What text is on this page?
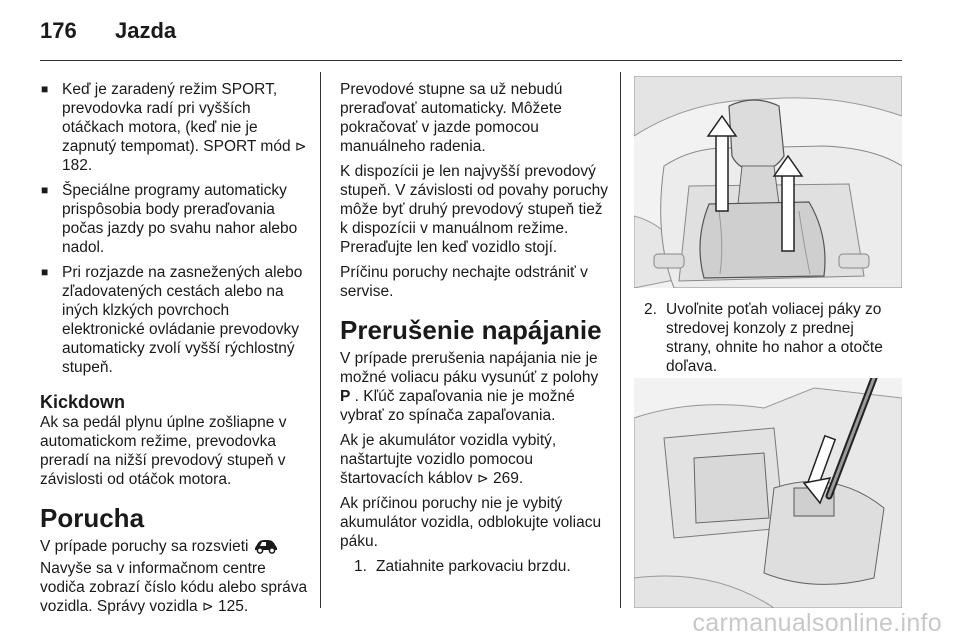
176 Jazda
■ Keď je zaradený režim SPORT, prevodovka radí pri vyšších otáčkach motora, (keď nie je zapnutý tempomat). SPORT mód ⊳ 182.
■ Špeciálne programy automaticky prispôsobia body preraďovania počas jazdy po svahu nahor alebo nadol.
■ Pri rozjazde na zasnežených alebo zľadovatených cestách alebo na iných klzkých povrchoch elektronické ovládanie prevodovky automaticky zvolí vyšší rýchlostný stupeň.
Kickdown

Ak sa pedál plynu úplne zošliapne v automatickom režime, prevodovka preradí na nižší prevodový stupeň v závislosti od otáčok motora.

Porucha

V prípade poruchy sa rozsvieti  Navyše sa v informačnom centre vodiča zobrazí číslo kódu alebo správa vozidla. Správy vozidla ⊳ 125.

Prevodové stupne sa už nebudú preraďovať automaticky. Môžete pokračovať v jazde pomocou manuálneho radenia.

K dispozícii je len najvyšší prevodový stupeň. V závislosti od povahy poruchy môže byť druhý prevodový stupeň tiež k dispozícii v manuálnom režime. Preraďujte len keď vozidlo stojí.

Príčinu poruchy nechajte odstrániť v servise.

Prerušenie napájanie

V prípade prerušenia napájania nie je možné voliacu páku vysunúť z polohy P . Kľúč zapaľovania nie je možné vybrať zo spínača zapaľovania.

Ak je akumulátor vozidla vybitý, naštartujte vozidlo pomocou štartovacích káblov ⊳ 269.

Ak príčinou poruchy nie je vybitý akumulátor vozidla, odblokujte voliacu páku.

1. Zatiahnite parkovaciu brzdu.
2. Uvoľnite poťah voliacej páky zo stredovej konzoly z prednej strany, ohnite ho nahor a otočte doľava.
carmanualsonline.info
